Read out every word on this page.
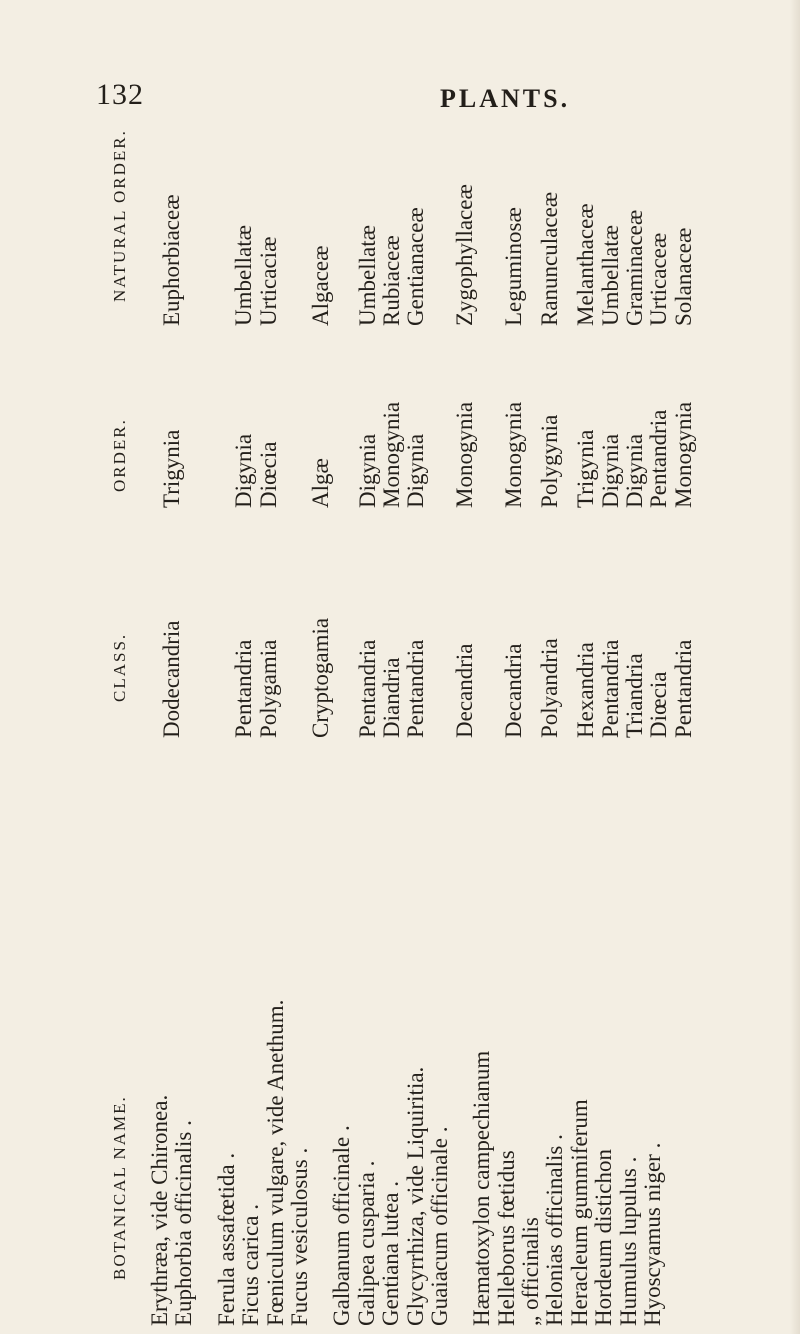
132	PLANTS.
BOTANICAL NAME.
CLASS.
ORDER.
NATURAL ORDER.
Erythræa, vide Chironea. Euphorbia officinalis . Ferula assafœtida . Ficus carica . Fœniculum vulgare, vide Anethum. Fucus vesiculosus . Galbanum officinale . Galipea cusparia . Gentiana lutea . Glycyrrhiza, vide Liquiritia. Guaiacum officinale . Hæmatoxylon campechianum Helleborus fœtidus „ officinalis Helonias officinalis . Heracleum gummiferum Hordeum distichon Humulus lupulus . Hyoscyamus niger .
Dodecandria Pentandria Polygamia Cryptogamia Pentandria Diandria Pentandria Decandria Decandria Polyandria Hexandria Pentandria Triandria Diœcia Pentandria
Trigynia Digynia Diœcia Algæ Digynia Monogynia Digynia Monogynia Monogynia Polygynia Trigynia Digynia Digynia Pentandria Monogynia
Euphorbiaceæ Umbellatæ Urticaciæ Algaceæ Umbellatæ Rubiaceæ Gentianaceæ Zygophyllaceæ Leguminosæ Ranunculaceæ Melanthaceæ Umbellatæ Graminaceæ Urticaceæ Solanaceæ
